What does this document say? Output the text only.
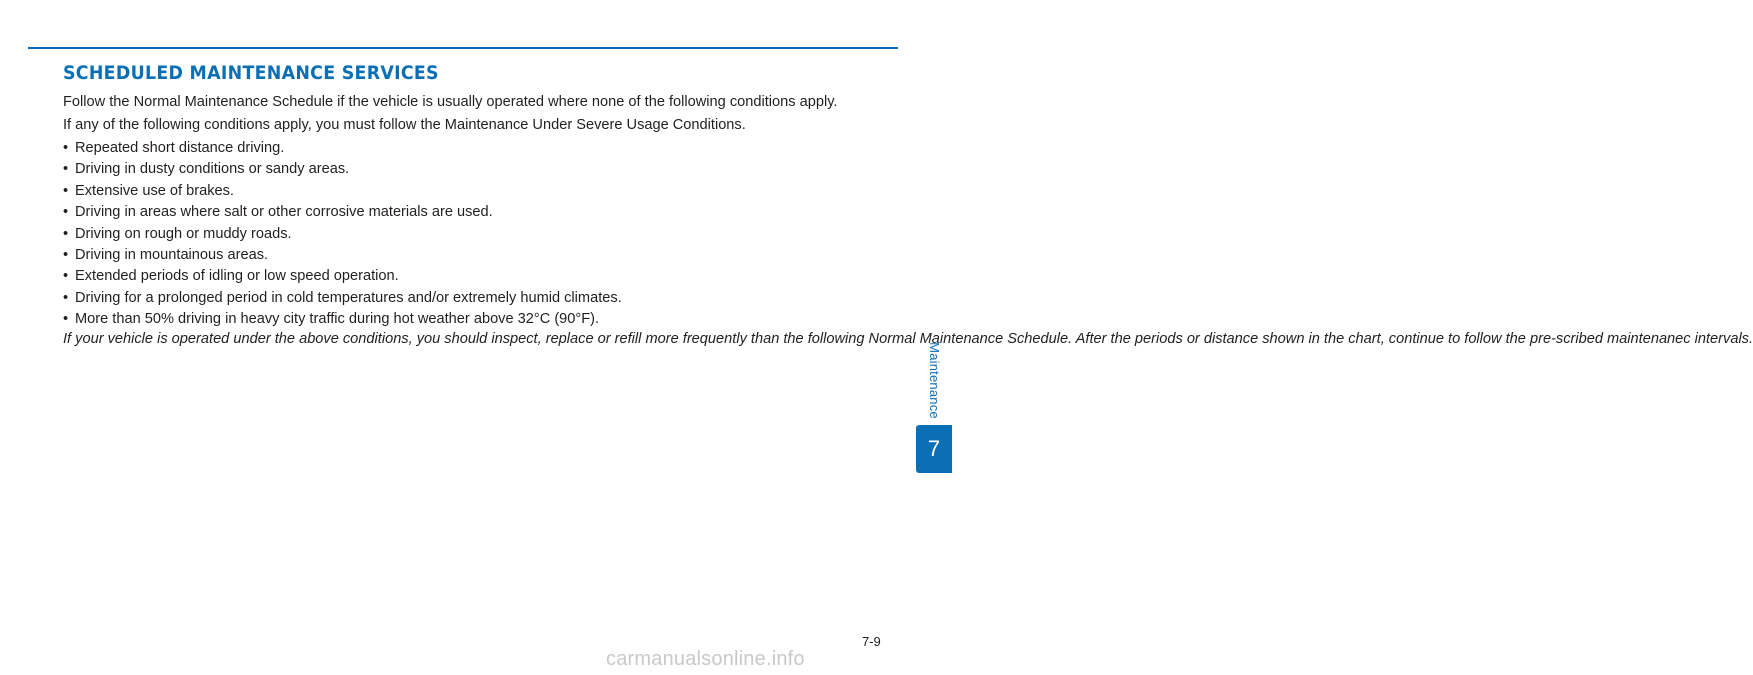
SCHEDULED MAINTENANCE SERVICES

Follow the Normal Maintenance Schedule if the vehicle is usually operated where none of the following conditions apply.

If any of the following conditions apply, you must follow the Maintenance Under Severe Usage Conditions.

• Repeated short distance driving.
• Driving in dusty conditions or sandy areas.
• Extensive use of brakes.
• Driving in areas where salt or other corrosive materials are used.
• Driving on rough or muddy roads.
• Driving in mountainous areas.
• Extended periods of idling or low speed operation.
• Driving for a prolonged period in cold temperatures and/or extremely humid climates.
• More than 50% driving in heavy city traffic during hot weather above 32°C (90°F).

If your vehicle is operated under the above conditions, you should inspect, replace or refill more frequently than the following Normal Maintenance Schedule. After the periods or distance shown in the chart, continue to follow the pre-scribed maintenanec intervals.

Maintenance
7
7-9
carmanualsonline.info
